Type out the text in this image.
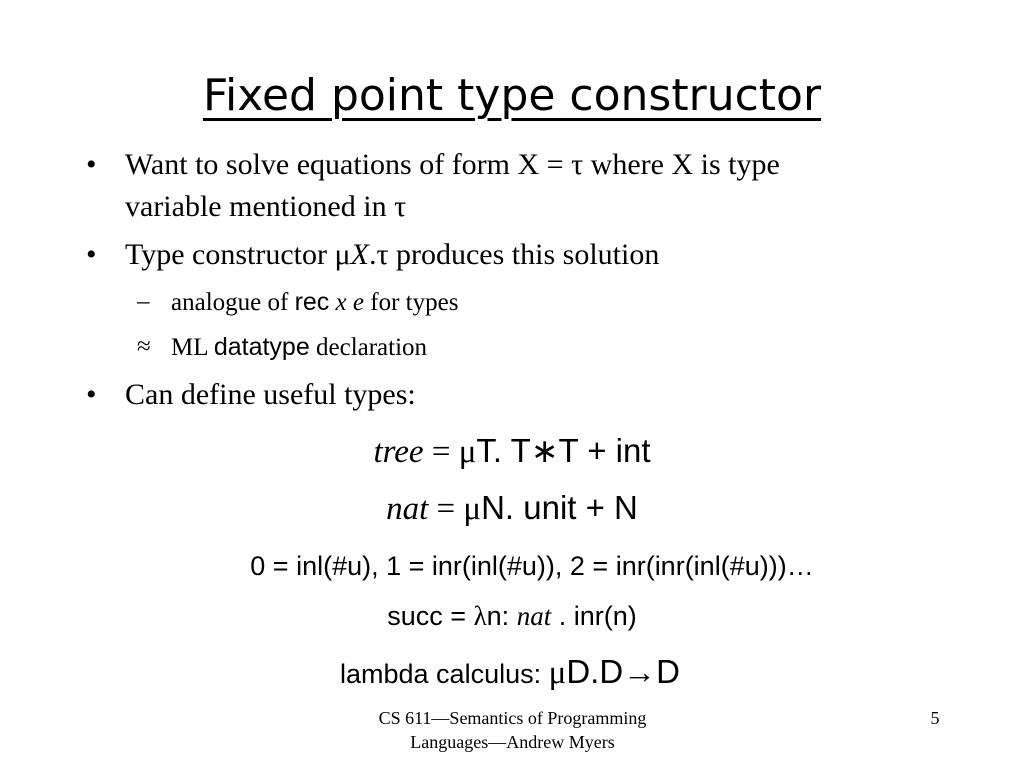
Fixed point type constructor
• Want to solve equations of form X = τ where X is type
variable mentioned in τ
• Type constructor μX.τ produces this solution
– analogue of rec x e for types
≈ ML datatype declaration
• Can define useful types:
tree = μT. T∗T + int
nat = μN. unit + N
0 = inl(#u), 1 = inr(inl(#u)), 2 = inr(inr(inl(#u)))…
succ = λn: nat . inr(n)
lambda calculus: μD.D→D
CS 611—Semantics of Programming
Languages—Andrew Myers
5
